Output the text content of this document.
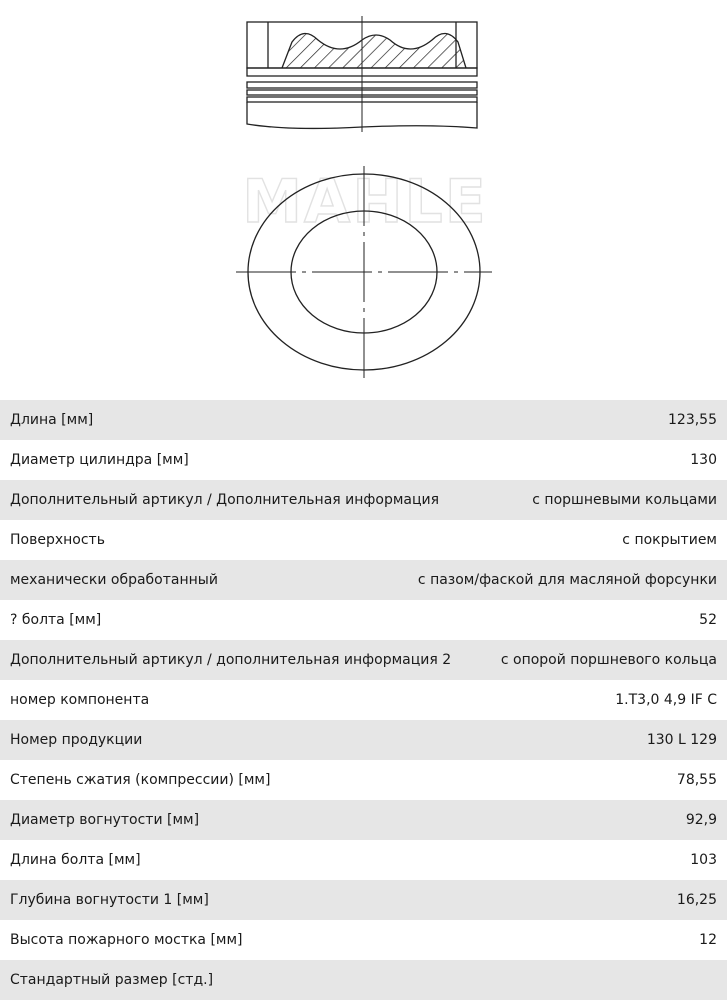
MAHLE
Длина [мм]	123,55
Диаметр цилиндра [мм]	130
Дополнительный артикул / Дополнительная информация	с поршневыми кольцами
Поверхность	с покрытием
механически обработанный	с пазом/фаской для масляной форсунки
? болта [мм]	52
Дополнительный артикул / дополнительная информация 2	с опорой поршневого кольца
номер компонента	1.T3,0 4,9 IF C
Номер продукции	130 L 129
Степень сжатия (компрессии) [мм]	78,55
Диаметр вогнутости [мм]	92,9
Длина болта [мм]	103
Глубина вогнутости 1 [мм]	16,25
Высота пожарного мостка [мм]	12
Стандартный размер [стд.]
